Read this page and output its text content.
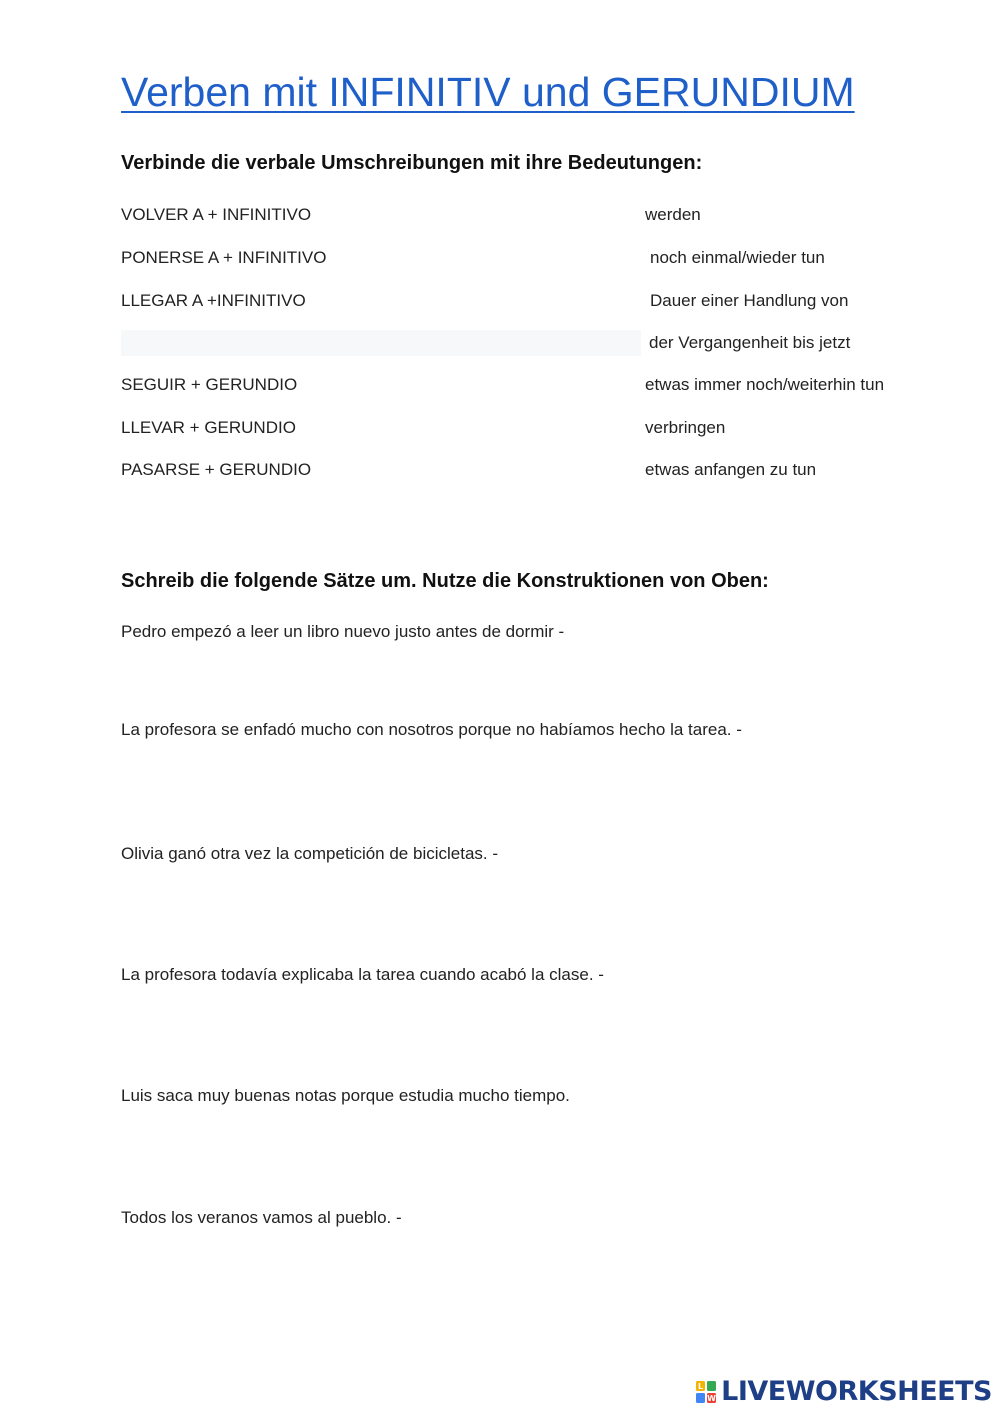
Verben mit INFINITIV und GERUNDIUM
Verbinde die verbale Umschreibungen mit ihre Bedeutungen:
VOLVER A + INFINITIVO
PONERSE A + INFINITIVO
LLEGAR A +INFINITIVO
SEGUIR + GERUNDIO
LLEVAR + GERUNDIO
PASARSE + GERUNDIO
werden
noch einmal/wieder tun
Dauer einer Handlung von
der Vergangenheit bis jetzt
etwas immer noch/weiterhin tun
verbringen
etwas anfangen zu tun
Schreib die folgende Sätze um. Nutze die Konstruktionen von Oben:
Pedro empezó a leer un libro nuevo justo antes de dormir -
La profesora se enfadó mucho con nosotros porque no habíamos hecho la tarea. -
Olivia ganó otra vez la competición de bicicletas. -
La profesora todavía explicaba la tarea cuando acabó la clase. -
Luis saca muy buenas notas porque estudia mucho tiempo.
Todos los veranos vamos al pueblo. -
L
W LIVEWORKSHEETS
